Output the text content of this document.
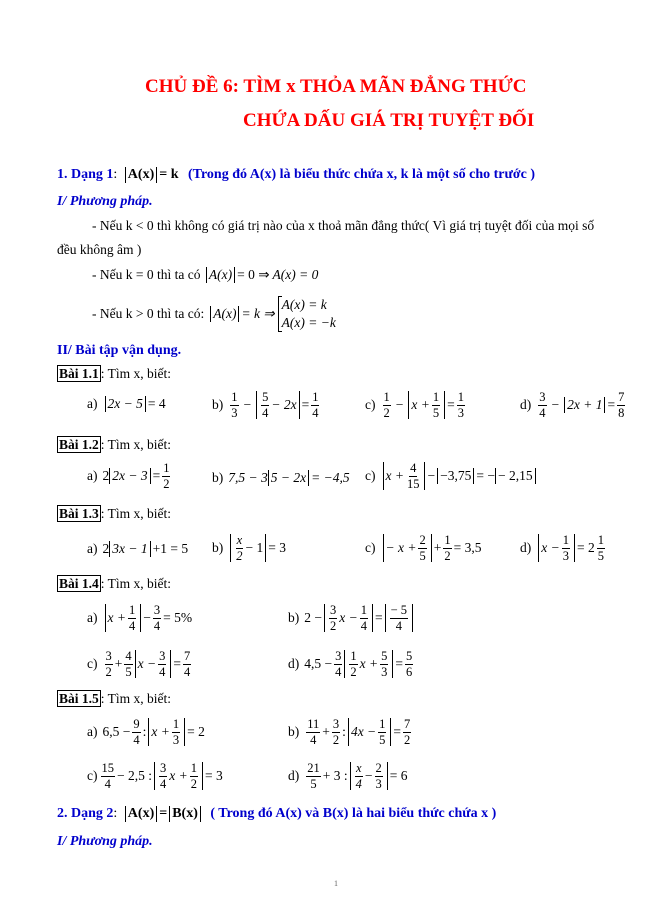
CHỦ ĐỀ 6: TÌM x THỎA MÃN ĐẲNG THỨC
CHỨA DẤU GIÁ TRỊ TUYỆT ĐỐI
1. Dạng 1: A(x) = k (Trong đó A(x) là biểu thức chứa x, k là một số cho trước )
I/ Phương pháp.
- Nếu k < 0 thì không có giá trị nào của x thoả mãn đẳng thức( Vì giá trị tuyệt đối của mọi số
đều không âm )
- Nếu k = 0 thì ta có A(x) = 0 ⇒ A(x) = 0
- Nếu k > 0 thì ta có: A(x) = k ⇒
A(x) = k
A(x) = −k
II/ Bài tập vận dụng.
Bài 1.1 : Tìm x, biết:
a) 2x − 5 = 4	$b) \frac{1}{3} - \frac{5}{4} - 2x = \frac{1}{4}$	$c) \frac{1}{2} - x + \frac{1}{5} = \frac{1}{3}$	$d) \frac{3}{4} - 2x + 1 = \frac{7}{8}$
Bài 1.2 : Tìm x, biết:
a) 2 $2x - 3 = \frac{1}{2}$	b) 7,5 − 3 5 − 2x = −4,5 c) $x + \frac{4}{15} - -3,75$ = − − 2,15
Bài 1.3 : Tìm x, biết:
a) 2 3x − 1 +1 = 5 $b) \frac{x}{2} - 1 = 3$	$c) - x + \frac{2}{5} + \frac{1}{2} = 3,5$	d) $x - \frac{1}{3} = 2 \frac{1}{5}$
Bài 1.4 : Tìm x, biết:
a) $x + \frac{1}{4} - \frac{3}{4} = 5\%$	b) $2 - \frac{3}{2}$ $x - \frac{1}{4} = \frac{- 5}{4}$
$c) \frac{3}{2} + \frac{4}{5}$ $x - \frac{3}{4} = \frac{7}{4}$	d) $4,5 - \frac{3}{4} \frac{1}{2}$ $x + \frac{5}{3} = \frac{5}{6}$
Bài 1.5 : Tìm x, biết:
a) $6,5 - \frac{9}{4}$ : $x + \frac{1}{3} = 2$	$b) \frac{11}{4} + \frac{3}{2}$ : $4x - \frac{1}{5} = \frac{7}{2}$
$c) \frac{15}{4} - 2,5$ : $\frac{3}{4}$ $x + \frac{1}{2} = 3$	$d) \frac{21}{5} + 3$ : $\frac{x}{4} - \frac{2}{3} = 6$
2. Dạng 2: A(x) = B(x) ( Trong đó A(x) và B(x) là hai biểu thức chứa x )
I/ Phương pháp.
1
